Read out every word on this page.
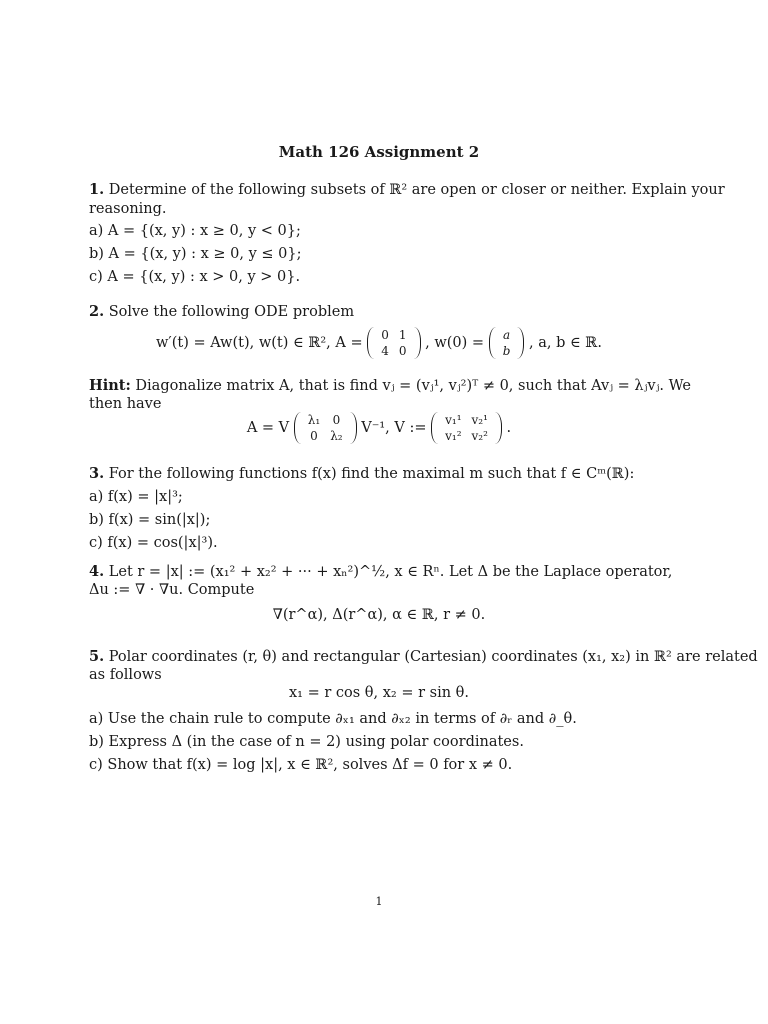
Math 126 Assignment 2
1. Determine of the following subsets of ℝ² are open or closer or neither. Explain your
reasoning.
a) A = {(x, y) : x ≥ 0, y < 0};
b) A = {(x, y) : x ≥ 0, y ≤ 0};
c) A = {(x, y) : x > 0, y > 0}.
2. Solve the following ODE problem
w′(t) = Aw(t), w(t) ∈ ℝ², A = 0	1
4	0 , w(0) = a
b , a, b ∈ ℝ.
Hint: Diagonalize matrix A, that is find vⱼ = (vⱼ¹, vⱼ²)ᵀ ≠ 0, such that Avⱼ = λⱼvⱼ. We
then have
A = V λ₁	0
0	λ₂ V⁻¹, V := v₁¹	v₂¹
v₁²	v₂² .
3. For the following functions f(x) find the maximal m such that f ∈ Cᵐ(ℝ):
a) f(x) = |x|³;
b) f(x) = sin(|x|);
c) f(x) = cos(|x|³).
4. Let r = |x| := (x₁² + x₂² + ··· + xₙ²)^½, x ∈ Rⁿ. Let Δ be the Laplace operator,
Δu := ∇ · ∇u. Compute
∇(r^α), Δ(r^α), α ∈ ℝ, r ≠ 0.
5. Polar coordinates (r, θ) and rectangular (Cartesian) coordinates (x₁, x₂) in ℝ² are related
as follows
x₁ = r cos θ, x₂ = r sin θ.
a) Use the chain rule to compute ∂ₓ₁ and ∂ₓ₂ in terms of ∂ᵣ and ∂_θ.
b) Express Δ (in the case of n = 2) using polar coordinates.
c) Show that f(x) = log |x|, x ∈ ℝ², solves Δf = 0 for x ≠ 0.
1
